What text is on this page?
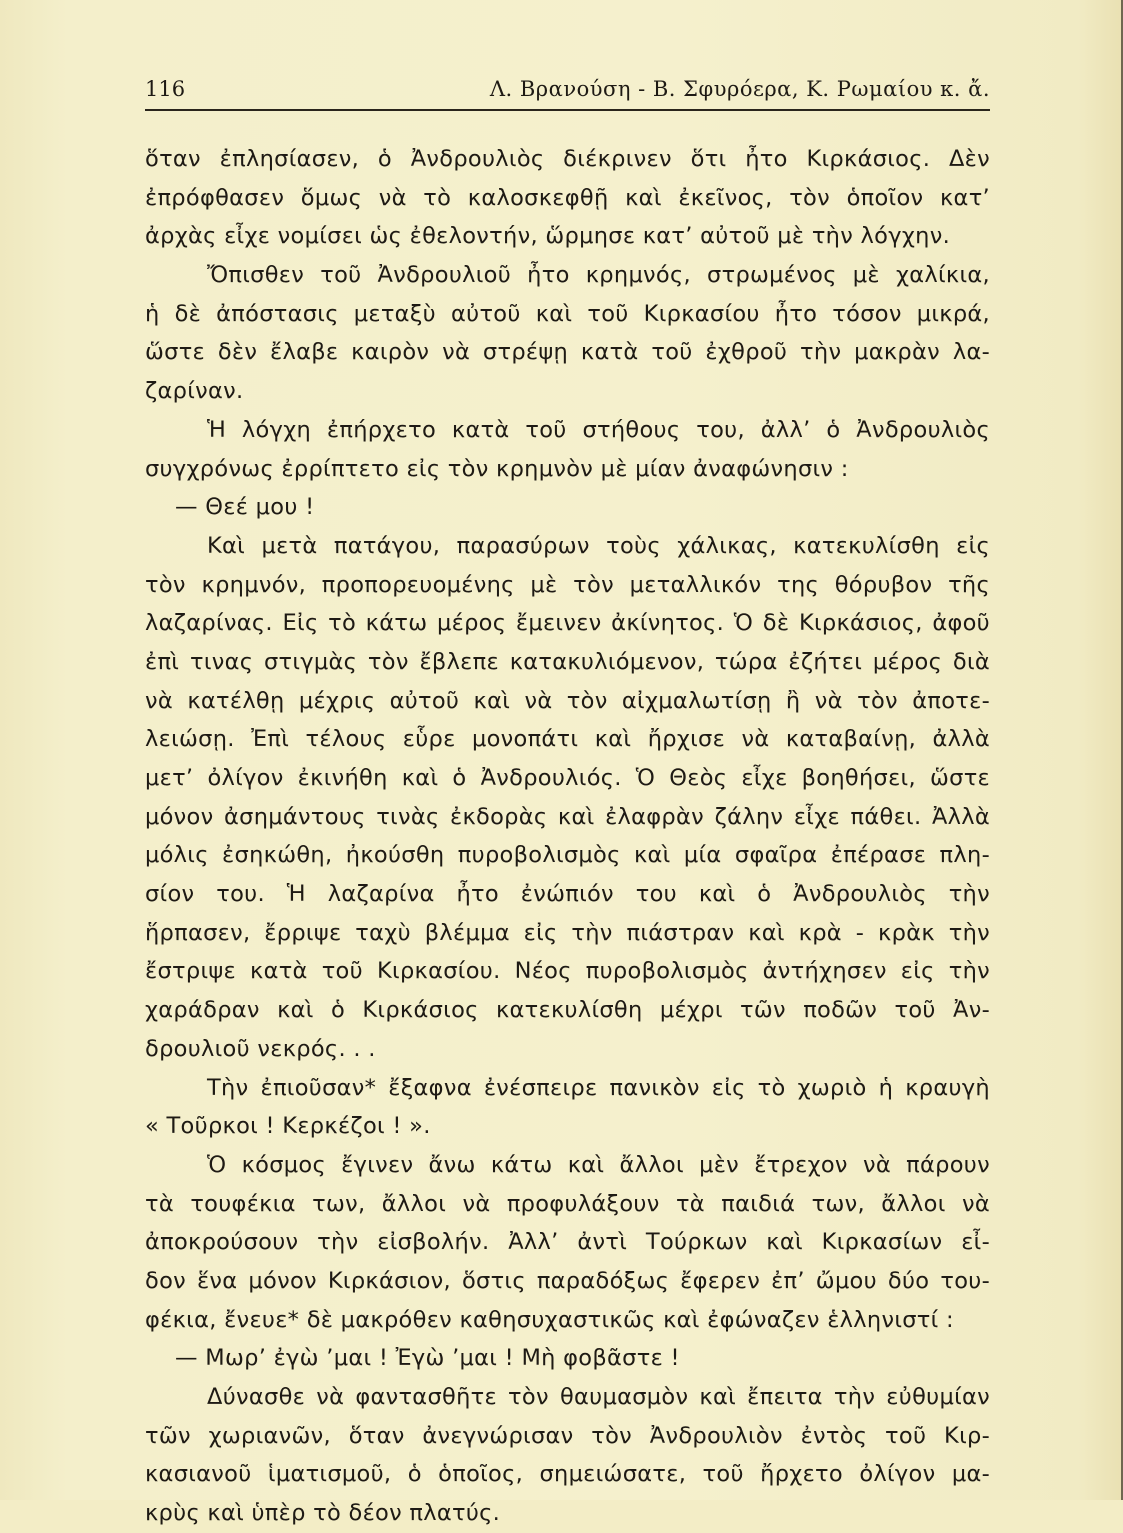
116	Λ. Βρανούση - Β. Σφυρόερα, Κ. Ρωμαίου κ. ἄ.
ὅταν ἐπλησίασεν, ὁ Ἀνδρουλιὸς διέκρινεν ὅτι ἦτο Κιρκάσιος. Δὲν
ἐπρόφθασεν ὅμως νὰ τὸ καλοσκεφθῇ καὶ ἐκεῖνος, τὸν ὁποῖον κατ’
ἀρχὰς εἶχε νομίσει ὡς ἐθελοντήν, ὥρμησε κατ’ αὐτοῦ μὲ τὴν λόγχην.
Ὄπισθεν τοῦ Ἀνδρουλιοῦ ἦτο κρημνός, στρωμένος μὲ χαλίκια,
ἡ δὲ ἀπόστασις μεταξὺ αὐτοῦ καὶ τοῦ Κιρκασίου ἦτο τόσον μικρά,
ὥστε δὲν ἔλαβε καιρὸν νὰ στρέψῃ κατὰ τοῦ ἐχθροῦ τὴν μακρὰν λα-
ζαρίναν.
Ἡ λόγχη ἐπήρχετο κατὰ τοῦ στήθους του, ἀλλ’ ὁ Ἀνδρουλιὸς
συγχρόνως ἐρρίπτετο εἰς τὸν κρημνὸν μὲ μίαν ἀναφώνησιν :
— Θεέ μου !
Καὶ μετὰ πατάγου, παρασύρων τοὺς χάλικας, κατεκυλίσθη εἰς
τὸν κρημνόν, προπορευομένης μὲ τὸν μεταλλικόν της θόρυβον τῆς
λαζαρίνας. Εἰς τὸ κάτω μέρος ἔμεινεν ἀκίνητος. Ὁ δὲ Κιρκάσιος, ἀφοῦ
ἐπὶ τινας στιγμὰς τὸν ἔβλεπε κατακυλιόμενον, τώρα ἐζήτει μέρος διὰ
νὰ κατέλθῃ μέχρις αὐτοῦ καὶ νὰ τὸν αἰχμαλωτίσῃ ἢ νὰ τὸν ἀποτε-
λειώσῃ. Ἐπὶ τέλους εὗρε μονοπάτι καὶ ἤρχισε νὰ καταβαίνῃ, ἀλλὰ
μετ’ ὀλίγον ἐκινήθη καὶ ὁ Ἀνδρουλιός. Ὁ Θεὸς εἶχε βοηθήσει, ὥστε
μόνον ἀσημάντους τινὰς ἐκδορὰς καὶ ἐλαφρὰν ζάλην εἶχε πάθει. Ἀλλὰ
μόλις ἐσηκώθη, ἠκούσθη πυροβολισμὸς καὶ μία σφαῖρα ἐπέρασε πλη-
σίον του. Ἡ λαζαρίνα ἦτο ἐνώπιόν του καὶ ὁ Ἀνδρουλιὸς τὴν
ἥρπασεν, ἔρριψε ταχὺ βλέμμα εἰς τὴν πιάστραν καὶ κρὰ - κρὰκ τὴν
ἔστριψε κατὰ τοῦ Κιρκασίου. Νέος πυροβολισμὸς ἀντήχησεν εἰς τὴν
χαράδραν καὶ ὁ Κιρκάσιος κατεκυλίσθη μέχρι τῶν ποδῶν τοῦ Ἀν-
δρουλιοῦ νεκρός. . .
Τὴν ἐπιοῦσαν* ἔξαφνα ἐνέσπειρε πανικὸν εἰς τὸ χωριὸ ἡ κραυγὴ
« Τοῦρκοι ! Κερκέζοι ! ».
Ὁ κόσμος ἔγινεν ἄνω κάτω καὶ ἄλλοι μὲν ἔτρεχον νὰ πάρουν
τὰ τουφέκια των, ἄλλοι νὰ προφυλάξουν τὰ παιδιά των, ἄλλοι νὰ
ἀποκρούσουν τὴν εἰσβολήν. Ἀλλ’ ἀντὶ Τούρκων καὶ Κιρκασίων εἶ-
δον ἕνα μόνον Κιρκάσιον, ὅστις παραδόξως ἔφερεν ἐπ’ ὤμου δύο του-
φέκια, ἔνευε* δὲ μακρόθεν καθησυχαστικῶς καὶ ἐφώναζεν ἑλληνιστί :
— Μωρ’ ἐγὼ ’μαι ! Ἐγὼ ’μαι ! Μὴ φοβᾶστε !
Δύνασθε νὰ φαντασθῆτε τὸν θαυμασμὸν καὶ ἔπειτα τὴν εὐθυμίαν
τῶν χωριανῶν, ὅταν ἀνεγνώρισαν τὸν Ἀνδρουλιὸν ἐντὸς τοῦ Κιρ-
κασιανοῦ ἱματισμοῦ, ὁ ὁποῖος, σημειώσατε, τοῦ ἤρχετο ὀλίγον μα-
κρὺς καὶ ὑπὲρ τὸ δέον πλατύς.
